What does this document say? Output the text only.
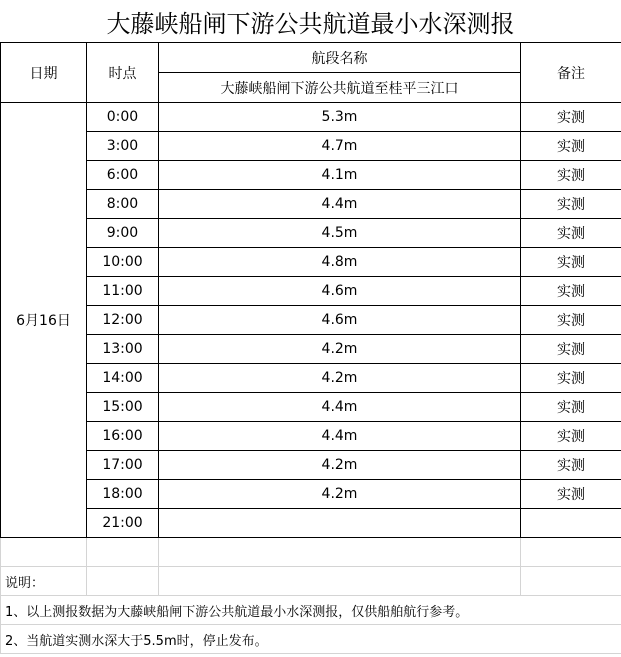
大藤峡船闸下游公共航道最小水深测报
日期	时点	航段名称	备注
		大藤峡船闸下游公共航道至桂平三江口	
6月16日	0:00	5.3m	实测
	3:00	4.7m	实测
	6:00	4.1m	实测
	8:00	4.4m	实测
	9:00	4.5m	实测
	10:00	4.8m	实测
	11:00	4.6m	实测
	12:00	4.6m	实测
	13:00	4.2m	实测
	14:00	4.2m	实测
	15:00	4.4m	实测
	16:00	4.4m	实测
	17:00	4.2m	实测
	18:00	4.2m	实测
	21:00		

说明：			
1、以上测报数据为大藤峡船闸下游公共航道最小水深测报，仅供船舶航行参考。			
2、当航道实测水深大于5.5m时，停止发布。			
